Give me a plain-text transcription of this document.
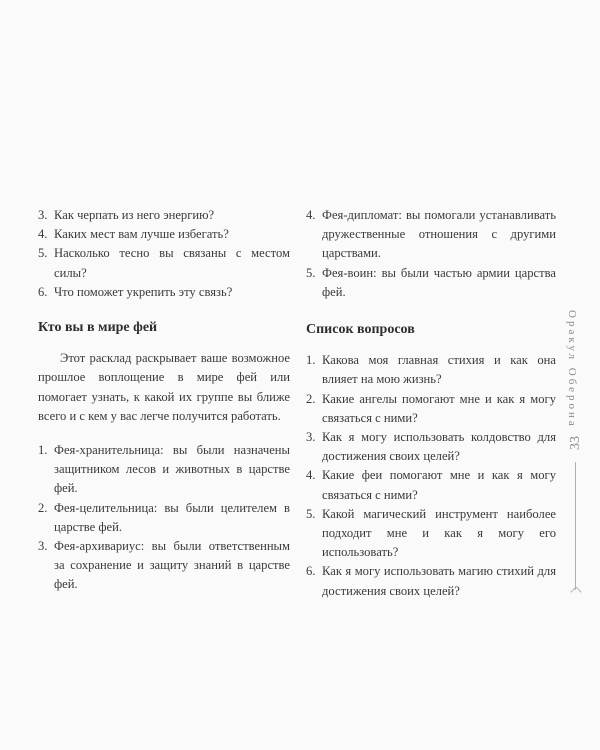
3. Как черпать из него энергию?
4. Каких мест вам лучше избегать?
5. Насколько тесно вы связаны с местом силы?
6. Что поможет укрепить эту связь?
Кто вы в мире фей

Этот расклад раскрывает ваше возможное прошлое воплощение в мире фей или помогает узнать, к какой их группе вы ближе всего и с кем у вас легче получится работать.

1. Фея-хранительница: вы были назначены защитником лесов и животных в царстве фей.
2. Фея-целительница: вы были целителем в царстве фей.
3. Фея-архивариус: вы были ответственным за сохранение и защиту знаний в царстве фей.
4. Фея-дипломат: вы помогали устанавливать дружественные отношения с другими царствами.
5. Фея-воин: вы были частью армии царства фей.
Список вопросов
1. Какова моя главная стихия и как она влияет на мою жизнь?
2. Какие ангелы помогают мне и как я могу связаться с ними?
3. Как я могу использовать колдовство для достижения своих целей?
4. Какие феи помогают мне и как я могу связаться с ними?
5. Какой магический инструмент наиболее подходит мне и как я могу его использовать?
6. Как я могу использовать магию стихий для достижения своих целей?
Оракул Оберона
33
